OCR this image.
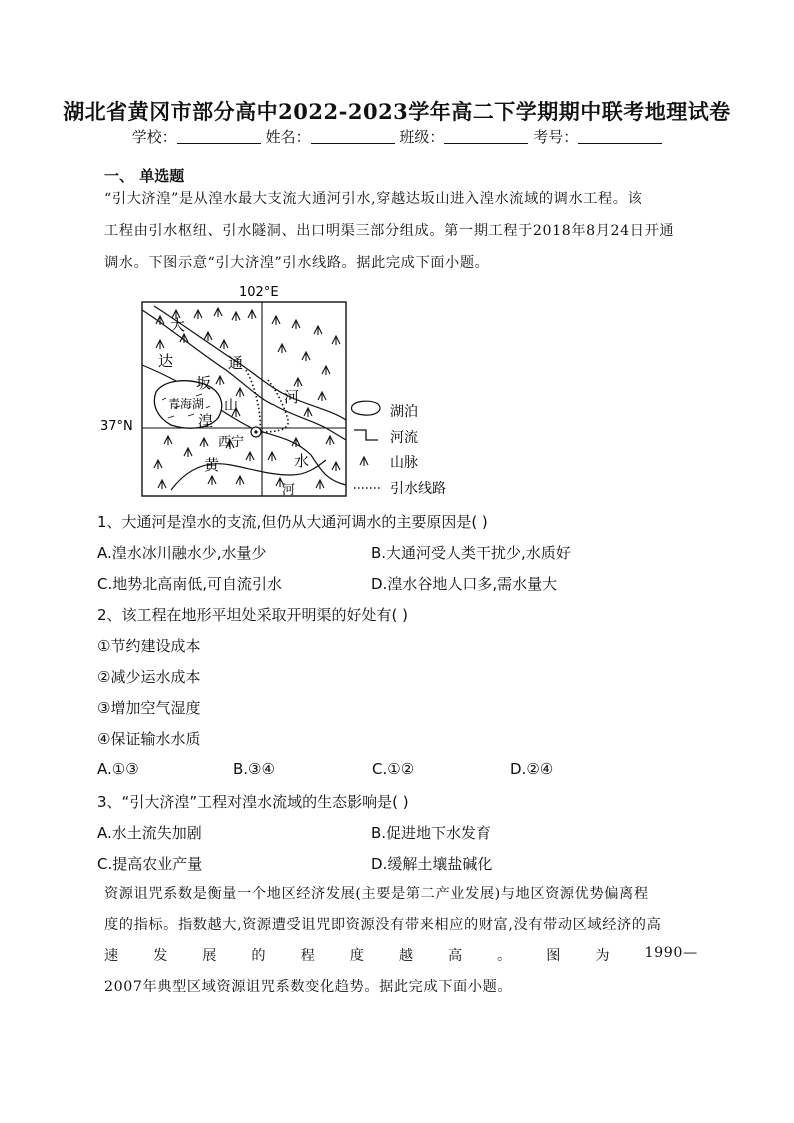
湖北省黄冈市部分高中2022-2023学年高二下学期期中联考地理试卷
学校：	姓名：	班级：	考号：
一、 单选题
“引大济湟”是从湟水最大支流大通河引水,穿越达坂山进入湟水流域的调水工程。该
工程由引水枢纽、引水隧洞、出口明渠三部分组成。第一期工程于2018年8月24日开通
调水。下图示意“引大济湟”引水线路。据此完成下面小题。
102°E
37°N
大
达
坂
山
青海湖
通
河
湟
西宁
黄	水
河
湖泊
河流
山脉
引水线路
1、大通河是湟水的支流,但仍从大通河调水的主要原因是( )
A.湟水冰川融水少,水量少	B.大通河受人类干扰少,水质好
C.地势北高南低,可自流引水	D.湟水谷地人口多,需水量大
2、该工程在地形平坦处采取开明渠的好处有( )
①节约建设成本
②减少运水成本
③增加空气湿度
④保证输水水质
A.①③	B.③④	C.①②	D.②④
3、“引大济湟”工程对湟水流域的生态影响是( )
A.水土流失加剧	B.促进地下水发育
C.提高农业产量	D.缓解土壤盐碱化
资源诅咒系数是衡量一个地区经济发展(主要是第二产业发展)与地区资源优势偏离程
度的指标。指数越大,资源遭受诅咒即资源没有带来相应的财富,没有带动区域经济的高
速 发 展 的 程 度 越 高 。 图 为 1990—
2007年典型区域资源诅咒系数变化趋势。据此完成下面小题。
